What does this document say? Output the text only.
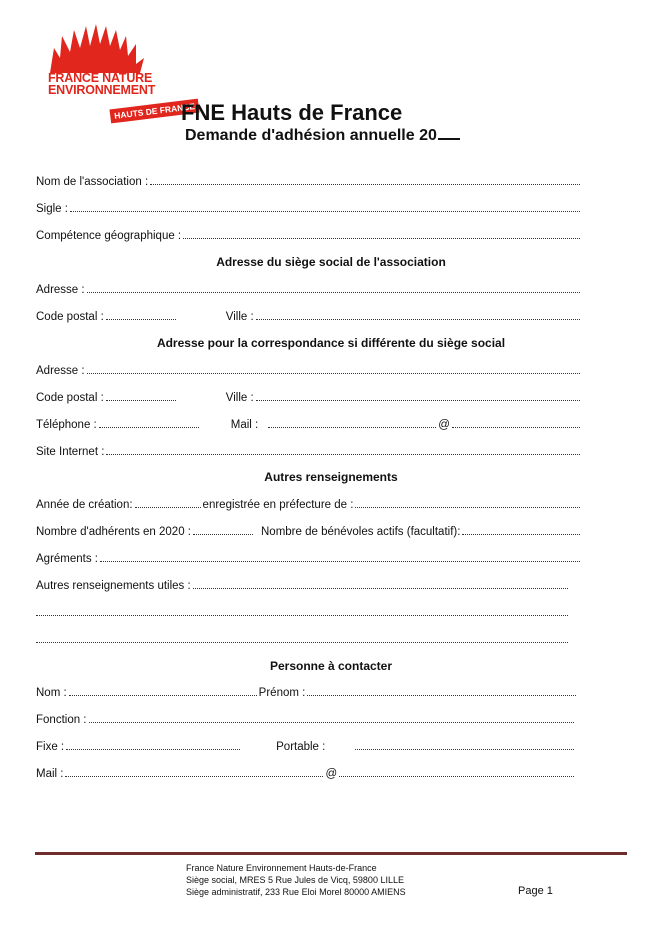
FRANCE NATURE
ENVIRONNEMENT
HAUTS DE FRANCE
FNE Hauts de France
Demande d'adhésion annuelle 20
Nom de l'association :
Sigle :
Compétence géographique :
Adresse du siège social de l'association
Adresse :
Code postal :	Ville :
Adresse pour la correspondance si différente du siège social
Adresse :
Code postal :	Ville :
Téléphone :	Mail :	@
Site Internet :
Autres renseignements
Année de création:	enregistrée en préfecture de :
Nombre d'adhérents en 2020 :	Nombre de bénévoles actifs (facultatif):
Agréments :
Autres renseignements utiles :
Personne à contacter
Nom :	Prénom :
Fonction :
Fixe :	Portable :
Mail :	@
France Nature Environnement Hauts-de-France
Siège social, MRES 5 Rue Jules de Vicq, 59800 LILLE
Siège administratif, 233 Rue Eloi Morel 80000 AMIENS	Page 1
